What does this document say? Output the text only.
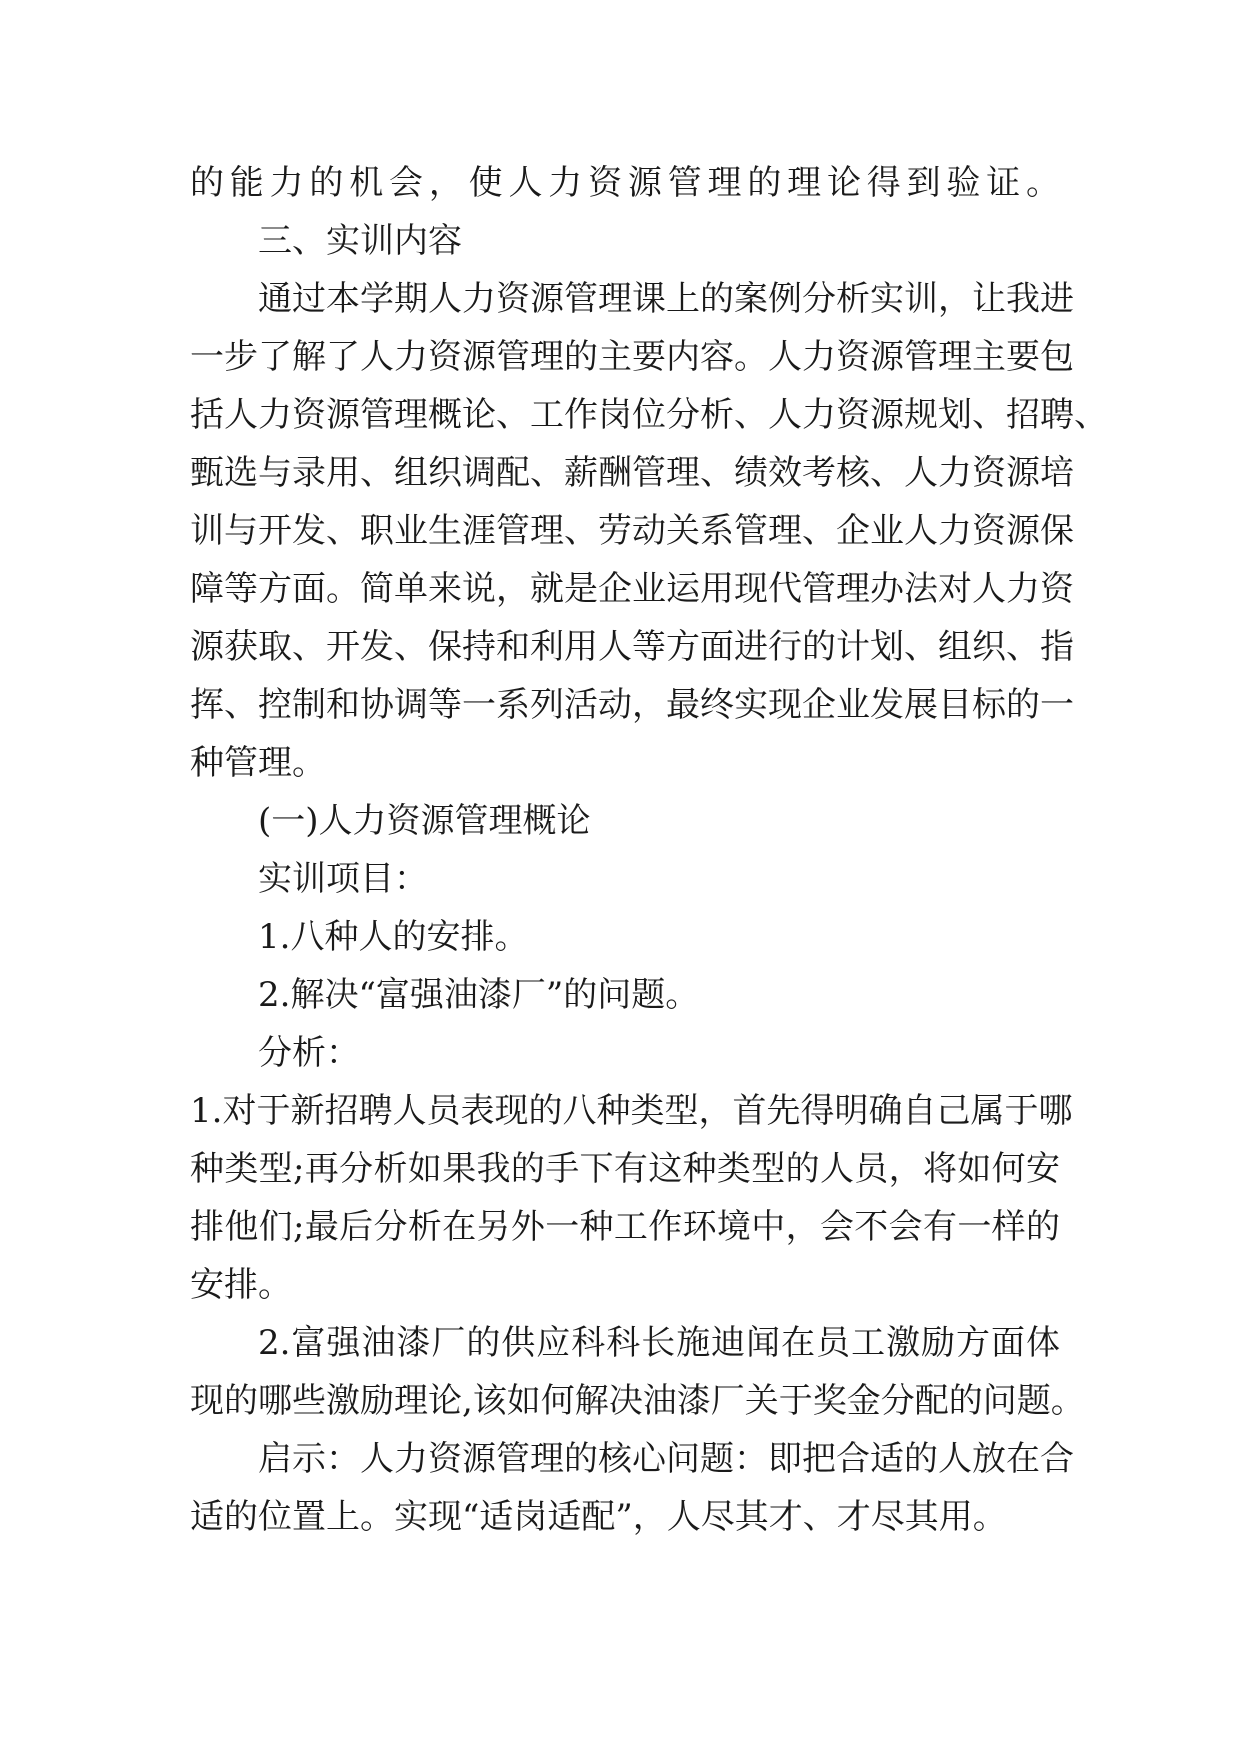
的能力的机会，使人力资源管理的理论得到验证。

三、实训内容

通过本学期人力资源管理课上的案例分析实训，让我进

一步了解了人力资源管理的主要内容。人力资源管理主要包

括人力资源管理概论、工作岗位分析、人力资源规划、招聘、

甄选与录用、组织调配、薪酬管理、绩效考核、人力资源培

训与开发、职业生涯管理、劳动关系管理、企业人力资源保

障等方面。简单来说，就是企业运用现代管理办法对人力资

源获取、开发、保持和利用人等方面进行的计划、组织、指

挥、控制和协调等一系列活动，最终实现企业发展目标的一

种管理。

(一)人力资源管理概论

实训项目：

1.八种人的安排。

2.解决“富强油漆厂”的问题。

分析：

1.对于新招聘人员表现的八种类型，首先得明确自己属于哪

种类型;再分析如果我的手下有这种类型的人员，将如何安

排他们;最后分析在另外一种工作环境中，会不会有一样的

安排。

2.富强油漆厂的供应科科长施迪闻在员工激励方面体

现的哪些激励理论,该如何解决油漆厂关于奖金分配的问题。

启示：人力资源管理的核心问题：即把合适的人放在合

适的位置上。实现“适岗适配”，人尽其才、才尽其用。
